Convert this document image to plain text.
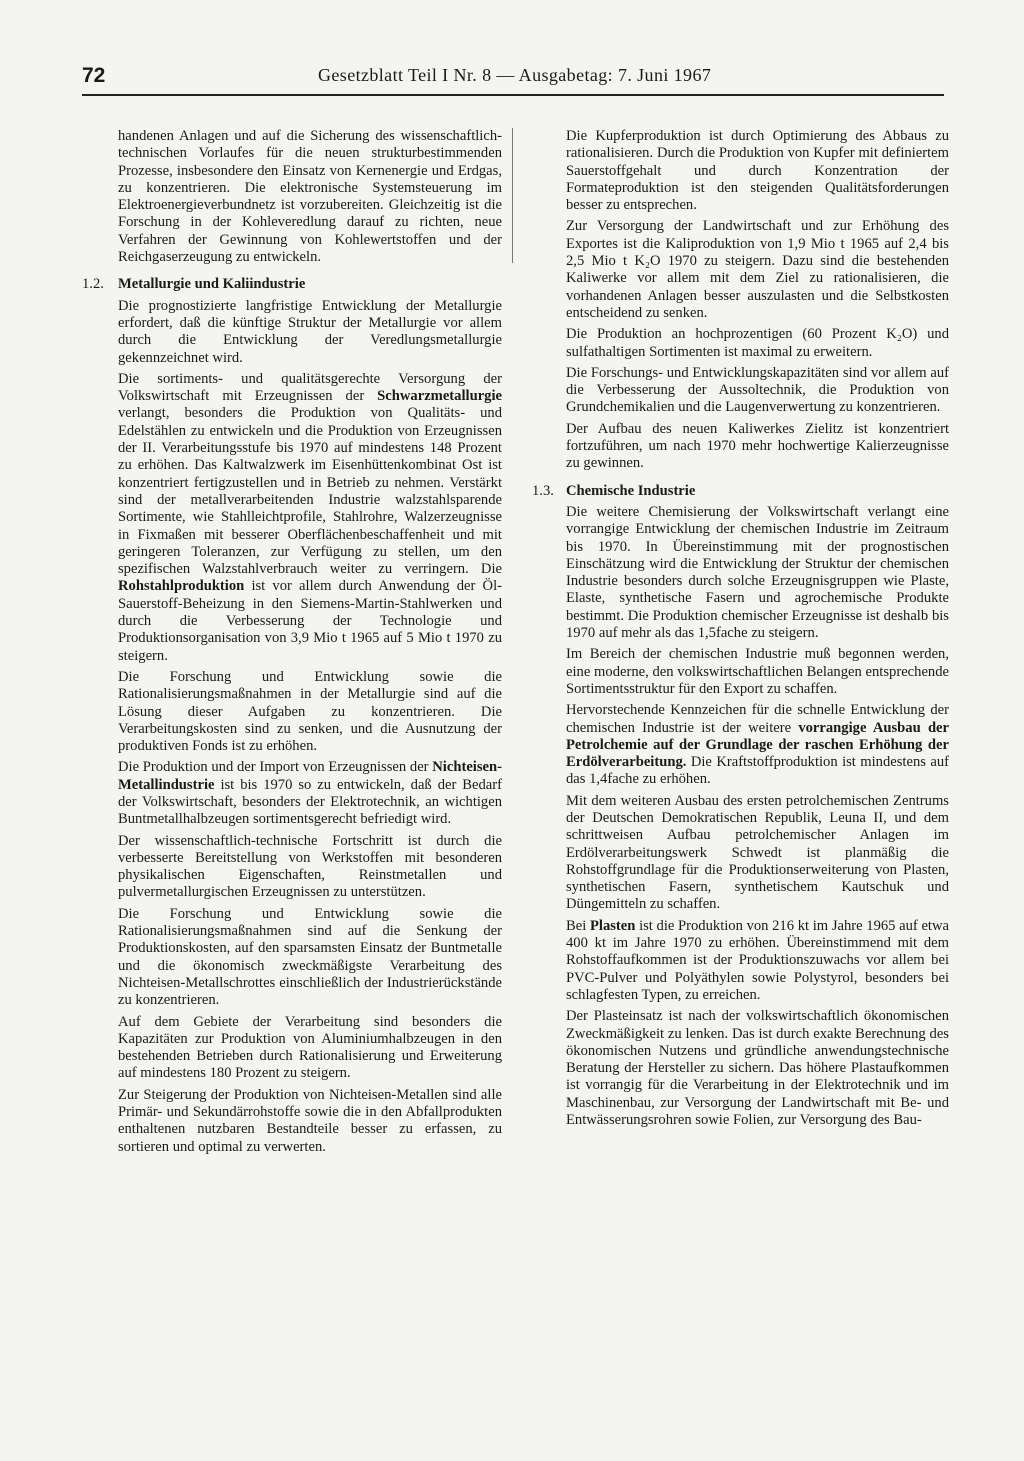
72	Gesetzblatt Teil I Nr. 8 — Ausgabetag: 7. Juni 1967

handenen Anlagen und auf die Sicherung des wissenschaftlich-technischen Vorlaufes für die neuen strukturbestimmenden Prozesse, insbesondere den Einsatz von Kernenergie und Erdgas, zu konzentrieren. Die elektronische Systemsteuerung im Elektroenergieverbundnetz ist vorzubereiten. Gleichzeitig ist die Forschung in der Kohleveredlung darauf zu richten, neue Verfahren der Gewinnung von Kohlewertstoffen und der Reichgaserzeugung zu entwickeln.

1.2. Metallurgie und Kaliindustrie

Die prognostizierte langfristige Entwicklung der Metallurgie erfordert, daß die künftige Struktur der Metallurgie vor allem durch die Entwicklung der Veredlungsmetallurgie gekennzeichnet wird.

Die sortiments- und qualitätsgerechte Versorgung der Volkswirtschaft mit Erzeugnissen der Schwarzmetallurgie verlangt, besonders die Produktion von Qualitäts- und Edelstählen zu entwickeln und die Produktion von Erzeugnissen der II. Verarbeitungsstufe bis 1970 auf mindestens 148 Prozent zu erhöhen. Das Kaltwalzwerk im Eisenhüttenkombinat Ost ist konzentriert fertigzustellen und in Betrieb zu nehmen. Verstärkt sind der metallverarbeitenden Industrie walzstahlsparende Sortimente, wie Stahlleichtprofile, Stahlrohre, Walzerzeugnisse in Fixmaßen mit besserer Oberflächenbeschaffenheit und mit geringeren Toleranzen, zur Verfügung zu stellen, um den spezifischen Walzstahlverbrauch weiter zu verringern. Die Rohstahlproduktion ist vor allem durch Anwendung der Öl-Sauerstoff-Beheizung in den Siemens-Martin-Stahlwerken und durch die Verbesserung der Technologie und Produktionsorganisation von 3,9 Mio t 1965 auf 5 Mio t 1970 zu steigern.

Die Forschung und Entwicklung sowie die Rationalisierungsmaßnahmen in der Metallurgie sind auf die Lösung dieser Aufgaben zu konzentrieren. Die Verarbeitungskosten sind zu senken, und die Ausnutzung der produktiven Fonds ist zu erhöhen.

Die Produktion und der Import von Erzeugnissen der Nichteisen-Metallindustrie ist bis 1970 so zu entwickeln, daß der Bedarf der Volkswirtschaft, besonders der Elektrotechnik, an wichtigen Buntmetallhalbzeugen sortimentsgerecht befriedigt wird.

Der wissenschaftlich-technische Fortschritt ist durch die verbesserte Bereitstellung von Werkstoffen mit besonderen physikalischen Eigenschaften, Reinstmetallen und pulvermetallurgischen Erzeugnissen zu unterstützen.

Die Forschung und Entwicklung sowie die Rationalisierungsmaßnahmen sind auf die Senkung der Produktionskosten, auf den sparsamsten Einsatz der Buntmetalle und die ökonomisch zweckmäßigste Verarbeitung des Nichteisen-Metallschrottes einschließlich der Industrierückstände zu konzentrieren.

Auf dem Gebiete der Verarbeitung sind besonders die Kapazitäten zur Produktion von Aluminiumhalbzeugen in den bestehenden Betrieben durch Rationalisierung und Erweiterung auf mindestens 180 Prozent zu steigern.

Zur Steigerung der Produktion von Nichteisen-Metallen sind alle Primär- und Sekundärrohstoffe sowie die in den Abfallprodukten enthaltenen nutzbaren Bestandteile besser zu erfassen, zu sortieren und optimal zu verwerten.

Die Kupferproduktion ist durch Optimierung des Abbaus zu rationalisieren. Durch die Produktion von Kupfer mit definiertem Sauerstoffgehalt und durch Konzentration der Formateproduktion ist den steigenden Qualitätsforderungen besser zu entsprechen.

Zur Versorgung der Landwirtschaft und zur Erhöhung des Exportes ist die Kaliproduktion von 1,9 Mio t 1965 auf 2,4 bis 2,5 Mio t K₂O 1970 zu steigern. Dazu sind die bestehenden Kaliwerke vor allem mit dem Ziel zu rationalisieren, die vorhandenen Anlagen besser auszulasten und die Selbstkosten entscheidend zu senken.

Die Produktion an hochprozentigen (60 Prozent K₂O) und sulfathaltigen Sortimenten ist maximal zu erweitern.

Die Forschungs- und Entwicklungskapazitäten sind vor allem auf die Verbesserung der Aussoltechnik, die Produktion von Grundchemikalien und die Laugenverwertung zu konzentrieren.

Der Aufbau des neuen Kaliwerkes Zielitz ist konzentriert fortzuführen, um nach 1970 mehr hochwertige Kalierzeugnisse zu gewinnen.

1.3. Chemische Industrie

Die weitere Chemisierung der Volkswirtschaft verlangt eine vorrangige Entwicklung der chemischen Industrie im Zeitraum bis 1970. In Übereinstimmung mit der prognostischen Einschätzung wird die Entwicklung der Struktur der chemischen Industrie besonders durch solche Erzeugnisgruppen wie Plaste, Elaste, synthetische Fasern und agrochemische Produkte bestimmt. Die Produktion chemischer Erzeugnisse ist deshalb bis 1970 auf mehr als das 1,5fache zu steigern.

Im Bereich der chemischen Industrie muß begonnen werden, eine moderne, den volkswirtschaftlichen Belangen entsprechende Sortimentsstruktur für den Export zu schaffen.

Hervorstechende Kennzeichen für die schnelle Entwicklung der chemischen Industrie ist der weitere vorrangige Ausbau der Petrolchemie auf der Grundlage der raschen Erhöhung der Erdölverarbeitung. Die Kraftstoffproduktion ist mindestens auf das 1,4fache zu erhöhen.

Mit dem weiteren Ausbau des ersten petrolchemischen Zentrums der Deutschen Demokratischen Republik, Leuna II, und dem schrittweisen Aufbau petrolchemischer Anlagen im Erdölverarbeitungswerk Schwedt ist planmäßig die Rohstoffgrundlage für die Produktionserweiterung von Plasten, synthetischen Fasern, synthetischem Kautschuk und Düngemitteln zu schaffen.

Bei Plasten ist die Produktion von 216 kt im Jahre 1965 auf etwa 400 kt im Jahre 1970 zu erhöhen. Übereinstimmend mit dem Rohstoffaufkommen ist der Produktionszuwachs vor allem bei PVC-Pulver und Polyäthylen sowie Polystyrol, besonders bei schlagfesten Typen, zu erreichen.

Der Plasteinsatz ist nach der volkswirtschaftlich ökonomischen Zweckmäßigkeit zu lenken. Das ist durch exakte Berechnung des ökonomischen Nutzens und gründliche anwendungstechnische Beratung der Hersteller zu sichern. Das höhere Plastaufkommen ist vorrangig für die Verarbeitung in der Elektrotechnik und im Maschinenbau, zur Versorgung der Landwirtschaft mit Be- und Entwässerungsrohren sowie Folien, zur Versorgung des Bau-
